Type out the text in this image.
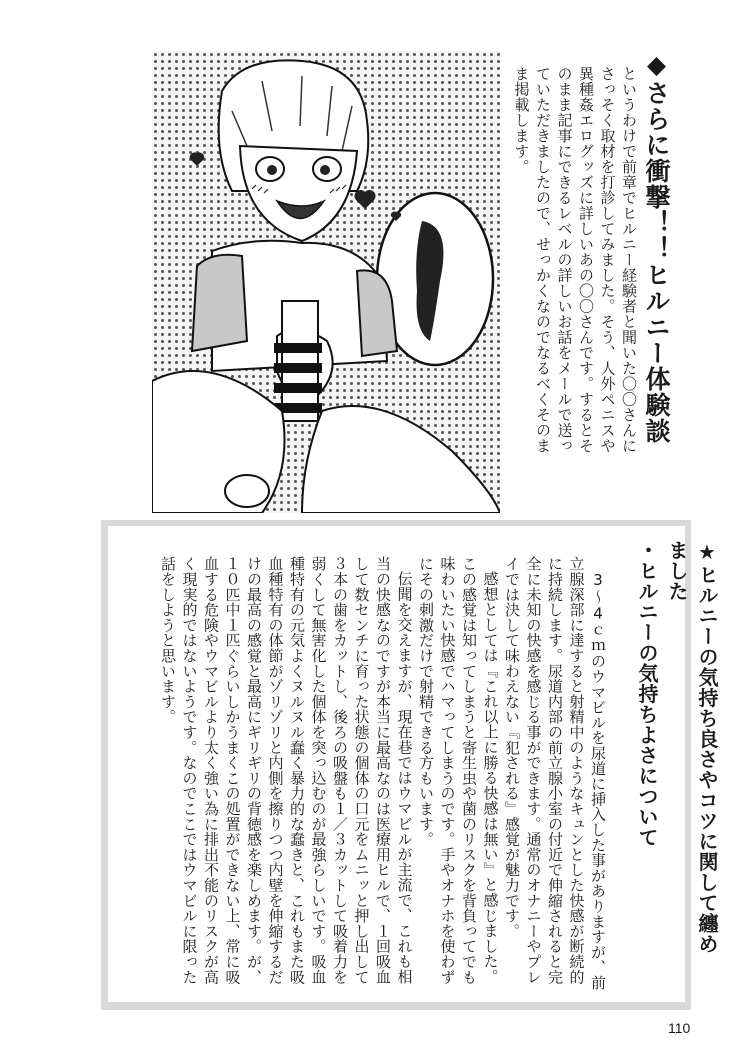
◆さらに衝撃！！ヒルニー体験談
というわけで前章でヒルニー経験者と聞いた〇〇さんにさっそく取材を打診してみました。そう、人外ペニスや異種姦エログッズに詳しいあの〇〇さんです。するとそのまま記事にできるレベルの詳しいお話をメールで送っていただきましたので、せっかくなのでなるべくそのまま掲載します。

★ヒルニーの気持ち良さやコツに関して纏めました

・ヒルニーの気持ちよさについて

3〜4ｃｍのウマビルを尿道に挿入した事がありますが、前立腺深部に達すると射精中のようなキュンとした快感が断続的に持続します。尿道内部の前立腺小室の付近で伸縮されると完全に未知の快感を感じる事ができます。通常のオナニーやプレイでは決して味わえない『犯される』感覚が魅力です。

感想としては『これ以上に勝る快感は無い』と感じました。この感覚は知ってしまうと寄生虫や菌のリスクを背負ってでも味わいたい快感でハマってしまうのです。手やオナホを使わずにその刺激だけで射精できる方もいます。

伝聞を交えますが、現在巷ではウマビルが主流で、これも相当の快感なのですが本当に最高なのは医療用ヒルで、１回吸血して数センチに育った状態の個体の口元をムニッと押し出して３本の歯をカットし、後ろの吸盤も１／３カットして吸着力を弱くして無害化した個体を突っ込むのが最強らしいです。吸血種特有の元気よくヌルヌル蠢く暴力的な蠢きと、これもまた吸血種特有の体節がゾリゾリと内側を擦りつつ内壁を伸縮するだけの最高の感覚と最高にギリギリの背徳感を楽しめます。が、１０匹中１匹ぐらいしかうまくこの処置ができない上、常に吸血する危険やウマビルより太く強い為に排出不能のリスクが高く現実的ではないようです。なのでここではウマビルに限った話をしようと思います。

110
